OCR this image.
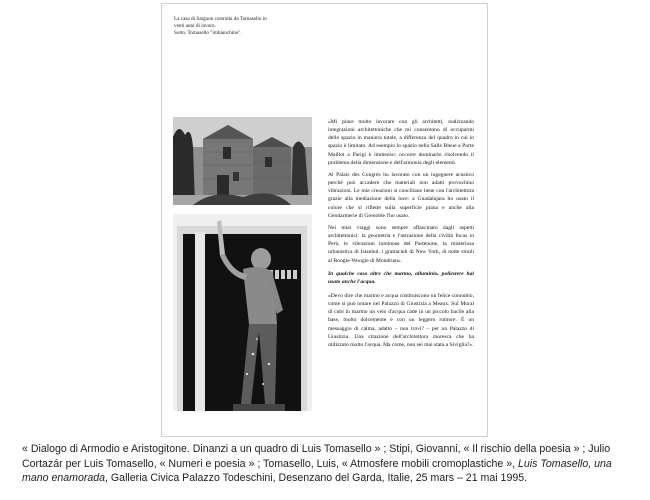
La casa di Saignon costruita da Tomasello in
venti anni di lavoro.
Sotto, Tomasello "imbianchino".

«Mi piace molto lavorare con gli architetti, realizzando integrazioni architettoniche che mi consentono di occuparmi dello spazio in maniera totale, a differenza del quadro in cui lo spazio è limitato. Ad esempio lo spazio nella Salle Bleue a Porte Maillot a Parigi è immenso: occorre dominarlo risolvendo il problema della dimensione e dell'armonia degli elementi.

Al Palais des Congrès ho lavorato con un ingegnere acustico perché può accadere che materiali non adatti provochino vibrazioni. Le mie creazioni si conciliano bene con l'architettura grazie alla mediazione della luce: a Guadalajara ho usato il colore che si riflette sulla superficie piana e anche alla Gendarmerie di Grenoble l'ho usato.

Nei miei viaggi sono sempre affascinato dagli aspetti architettonici: la geometria e l'astrazione della civiltà Incas in Perù, le vibrazioni luminose del Partenone, la misteriosa urbanistica di Istanbul, i grattacieli di New York, di notte simili al Boogie-Woogie di Mondrian».

In qualche caso oltre che marmo, alluminio, poliestere hai usato anche l'acqua.

«Devo dire che marmo e acqua costituiscono un felice connubio, come si può notare nel Palazzo di Giustizia a Meaux. Sul Mural di cubi in marmo un velo d'acqua cade in un piccolo bacile alla base, molto dolcemente e con un leggero rumore. È un messaggio di calma, adatto – non trovi? – per un Palazzo di Giustizia. Una citazione dell'architettura moresca che ha utilizzato molto l'acqua. Ma come, non sei mai stata a Siviglia?».

« Dialogo di Armodio e Aristogitone. Dinanzi a un quadro di Luis Tomasello » ; Stipi, Giovanni, « Il rischio della poesia » ; Julio Cortazár per Luis Tomasello, « Numeri e poesia » ; Tomasello, Luis, « Atmosfere mobili cromoplastiche », Luis Tomasello, una mano enamorada, Galleria Civica Palazzo Todeschini, Desenzano del Garda, Italie, 25 mars – 21 mai 1995.
